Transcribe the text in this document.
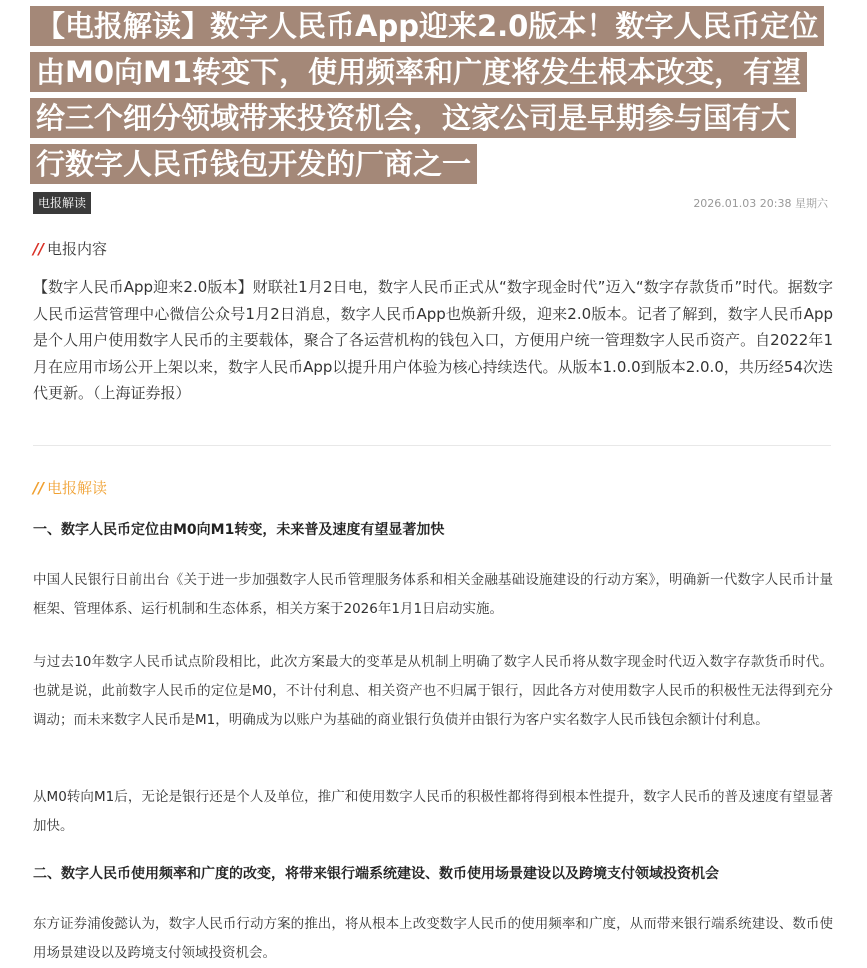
【电报解读】数字人民币App迎来2.0版本！数字人民币定位
由M0向M1转变下，使用频率和广度将发生根本改变，有望
给三个细分领域带来投资机会，这家公司是早期参与国有大
行数字人民币钱包开发的厂商之一
电报解读	2026.01.03 20:38 星期六
// 电报内容
【数字人民币App迎来2.0版本】财联社1月2日电，数字人民币正式从“数字现金时代”迈入“数字存款货币”时代。据数字人民币运营管理中心微信公众号1月2日消息，数字人民币App也焕新升级，迎来2.0版本。记者了解到，数字人民币App是个人用户使用数字人民币的主要载体，聚合了各运营机构的钱包入口，方便用户统一管理数字人民币资产。自2022年1月在应用市场公开上架以来，数字人民币App以提升用户体验为核心持续迭代。从版本1.0.0到版本2.0.0，共历经54次迭代更新。（上海证券报）
// 电报解读
一、数字人民币定位由M0向M1转变，未来普及速度有望显著加快
中国人民银行日前出台《关于进一步加强数字人民币管理服务体系和相关金融基础设施建设的行动方案》，明确新一代数字人民币计量框架、管理体系、运行机制和生态体系，相关方案于2026年1月1日启动实施。
与过去10年数字人民币试点阶段相比，此次方案最大的变革是从机制上明确了数字人民币将从数字现金时代迈入数字存款货币时代。也就是说，此前数字人民币的定位是M0，不计付利息、相关资产也不归属于银行，因此各方对使用数字人民币的积极性无法得到充分调动；而未来数字人民币是M1，明确成为以账户为基础的商业银行负债并由银行为客户实名数字人民币钱包余额计付利息。
从M0转向M1后，无论是银行还是个人及单位，推广和使用数字人民币的积极性都将得到根本性提升，数字人民币的普及速度有望显著加快。
二、数字人民币使用频率和广度的改变，将带来银行端系统建设、数币使用场景建设以及跨境支付领域投资机会
东方证券浦俊懿认为，数字人民币行动方案的推出，将从根本上改变数字人民币的使用频率和广度，从而带来银行端系统建设、数币使用场景建设以及跨境支付领域投资机会。
